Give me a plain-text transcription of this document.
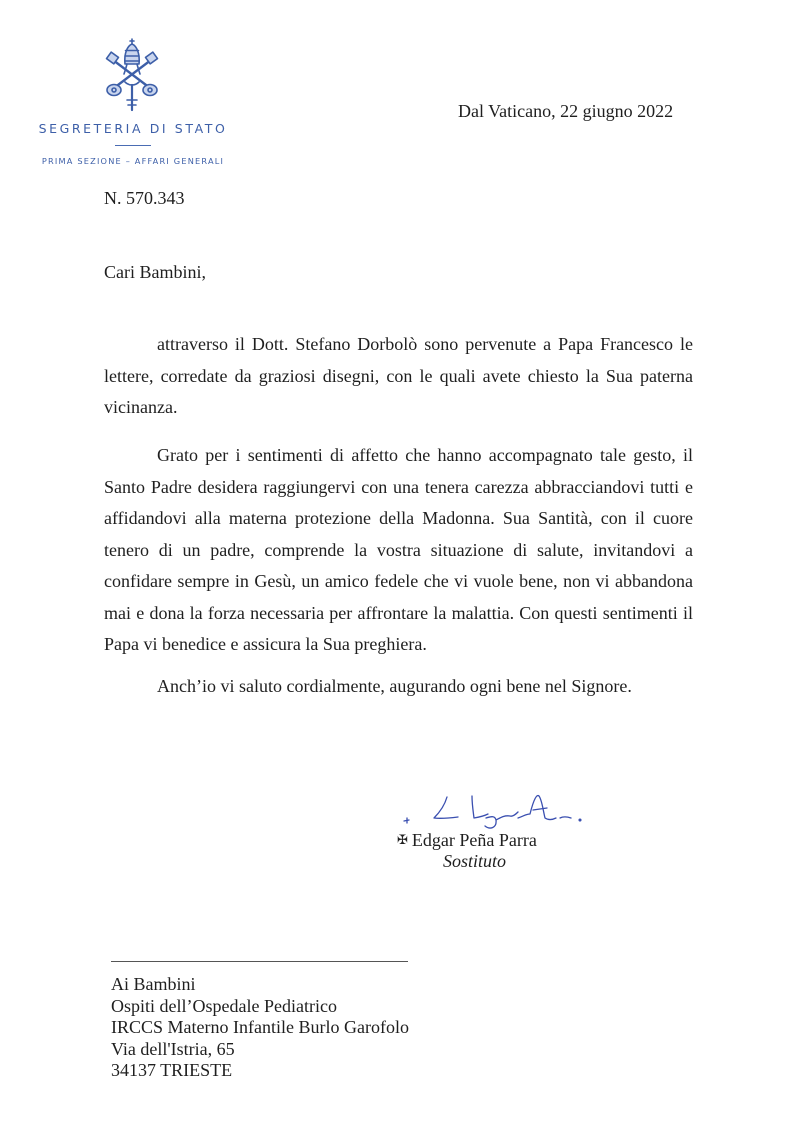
SEGRETERIA DI STATO
PRIMA SEZIONE – AFFARI GENERALI
Dal Vaticano, 22 giugno 2022
N. 570.343
Cari Bambini,

attraverso il Dott. Stefano Dorbolò sono pervenute a Papa Francesco le lettere, corredate da graziosi disegni, con le quali avete chiesto la Sua paterna vicinanza.

Grato per i sentimenti di affetto che hanno accompagnato tale gesto, il Santo Padre desidera raggiungervi con una tenera carezza abbracciandovi tutti e affidandovi alla materna protezione della Madonna. Sua Santità, con il cuore tenero di un padre, comprende la vostra situazione di salute, invitandovi a confidare sempre in Gesù, un amico fedele che vi vuole bene, non vi abbandona mai e dona la forza necessaria per affrontare la malattia. Con questi sentimenti il Papa vi benedice e assicura la Sua preghiera.

Anch’io vi saluto cordialmente, augurando ogni bene nel Signore.
✠ Edgar Peña Parra
Sostituto
Ai Bambini
Ospiti dell’Ospedale Pediatrico
IRCCS Materno Infantile Burlo Garofolo
Via dell'Istria, 65
34137 TRIESTE
